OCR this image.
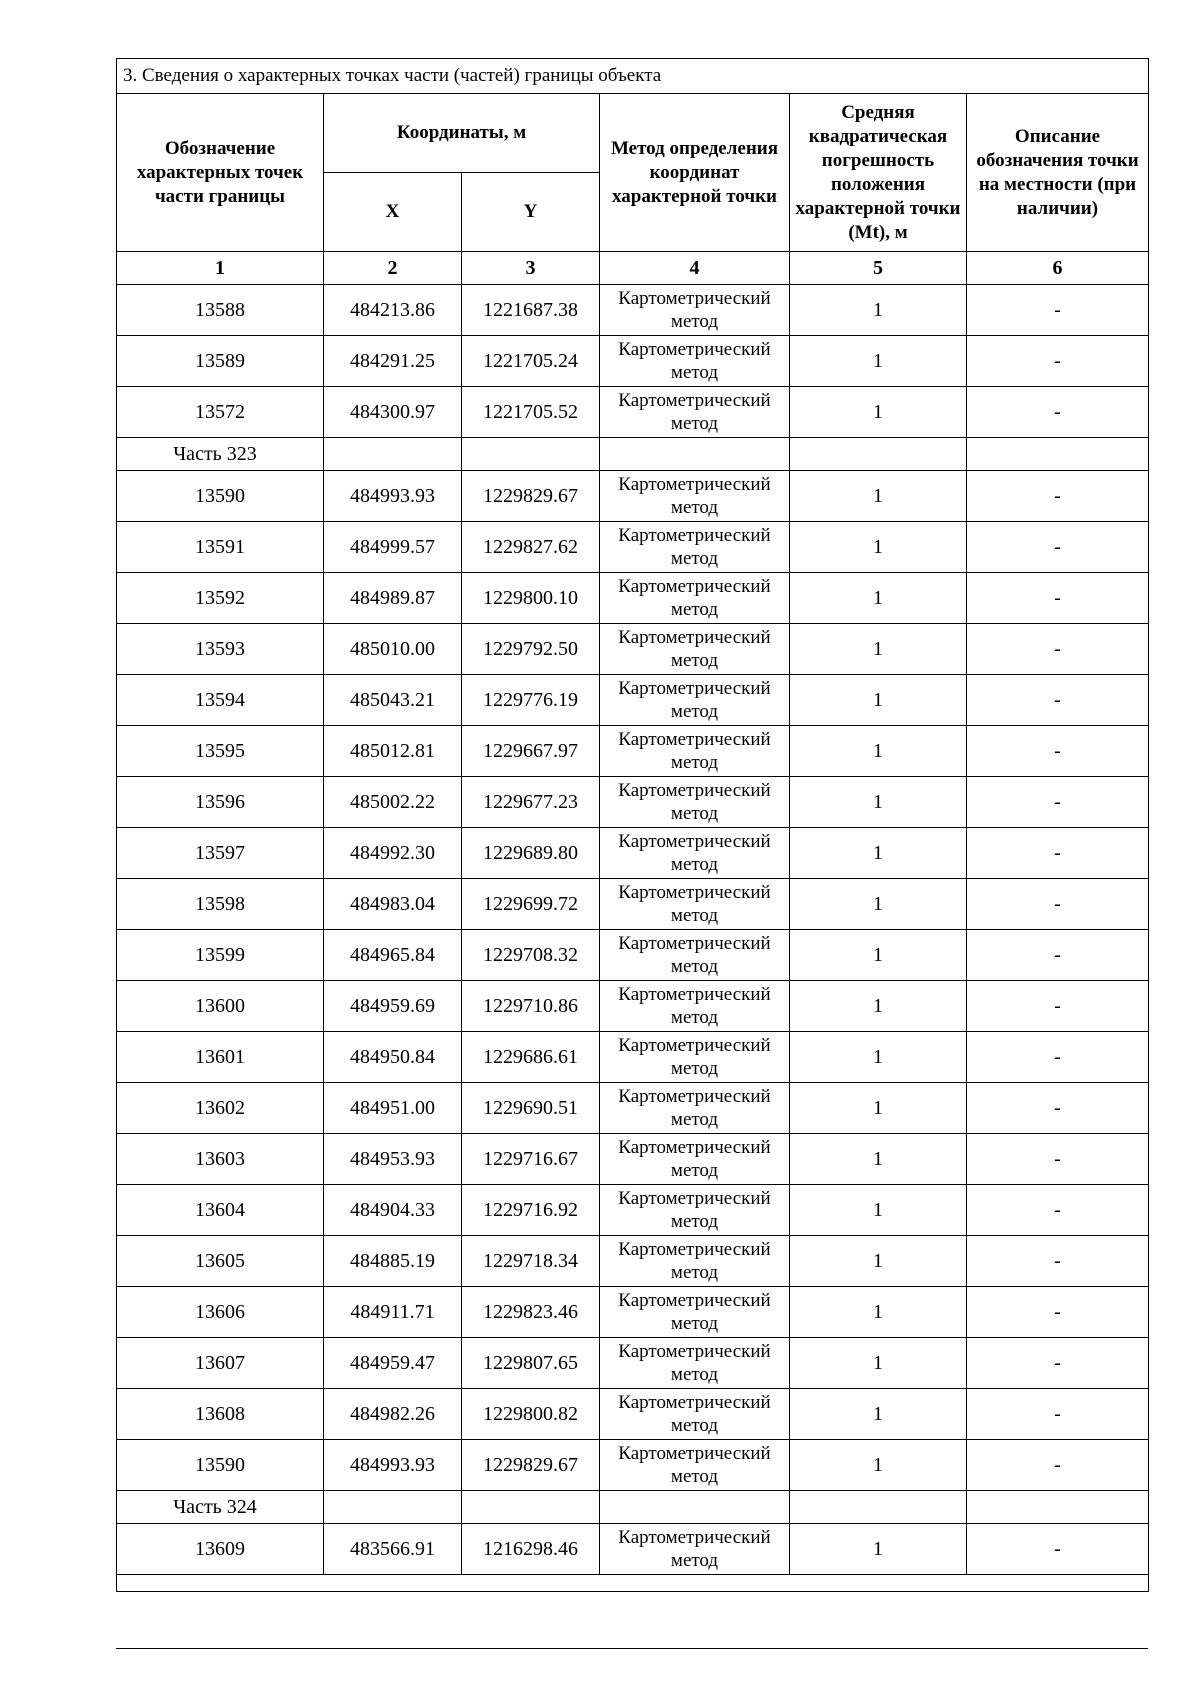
3. Сведения о характерных точках части (частей) границы объекта					
Обозначение характерных точек части границы	Координаты, м		Метод определения координат характерной точки	Средняя квадратическая погрешность положения характерной точки (Mt), м	Описание обозначения точки на местности (при наличии)
	X	Y			
1	2	3	4	5	6
13588	484213.86	1221687.38	Картометрический метод	1	-
13589	484291.25	1221705.24	Картометрический метод	1	-
13572	484300.97	1221705.52	Картометрический метод	1	-
Часть 323					
13590	484993.93	1229829.67	Картометрический метод	1	-
13591	484999.57	1229827.62	Картометрический метод	1	-
13592	484989.87	1229800.10	Картометрический метод	1	-
13593	485010.00	1229792.50	Картометрический метод	1	-
13594	485043.21	1229776.19	Картометрический метод	1	-
13595	485012.81	1229667.97	Картометрический метод	1	-
13596	485002.22	1229677.23	Картометрический метод	1	-
13597	484992.30	1229689.80	Картометрический метод	1	-
13598	484983.04	1229699.72	Картометрический метод	1	-
13599	484965.84	1229708.32	Картометрический метод	1	-
13600	484959.69	1229710.86	Картометрический метод	1	-
13601	484950.84	1229686.61	Картометрический метод	1	-
13602	484951.00	1229690.51	Картометрический метод	1	-
13603	484953.93	1229716.67	Картометрический метод	1	-
13604	484904.33	1229716.92	Картометрический метод	1	-
13605	484885.19	1229718.34	Картометрический метод	1	-
13606	484911.71	1229823.46	Картометрический метод	1	-
13607	484959.47	1229807.65	Картометрический метод	1	-
13608	484982.26	1229800.82	Картометрический метод	1	-
13590	484993.93	1229829.67	Картометрический метод	1	-
Часть 324					
13609	483566.91	1216298.46	Картометрический метод	1	-
